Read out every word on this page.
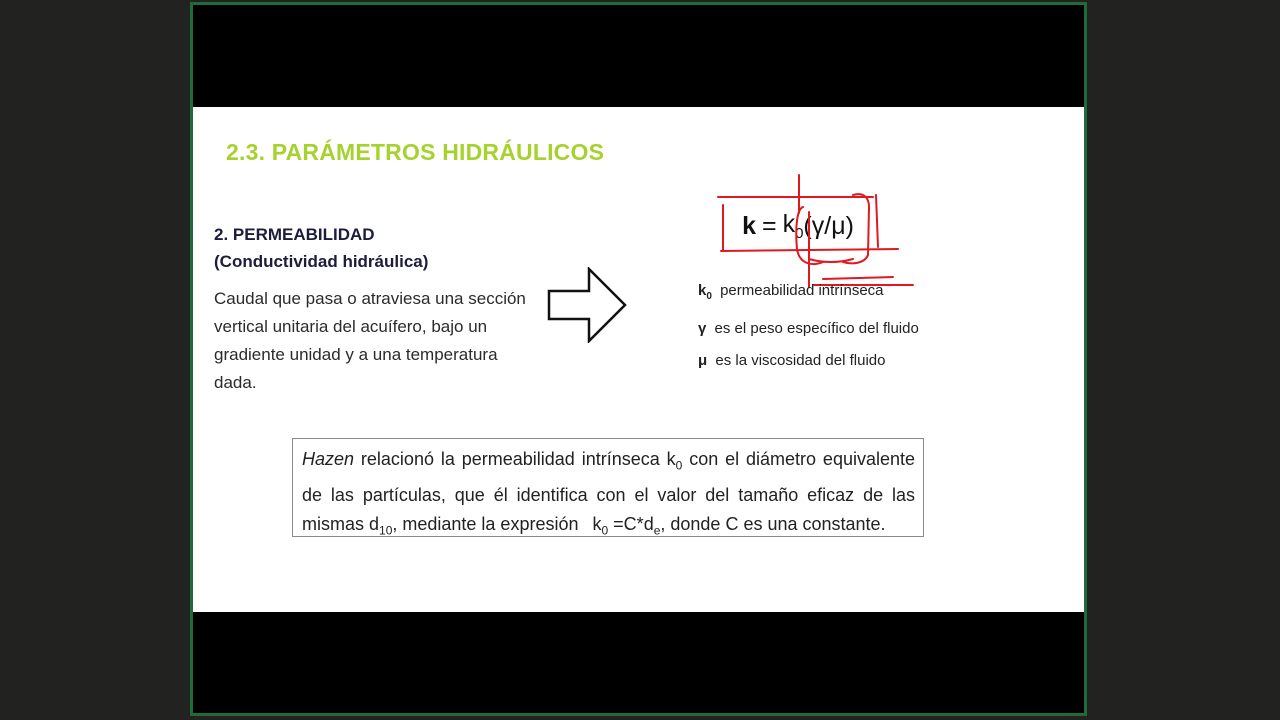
2.3. PARÁMETROS HIDRÁULICOS
2. PERMEABILIDAD
(Conductividad hidráulica)
Caudal que pasa o atraviesa una sección vertical unitaria del acuífero, bajo un gradiente unidad y a una temperatura dada.
$k = k_0$ (γ/μ)
$k_0$ permeabilidad intrínseca
γ es el peso específico del fluido
μ es la viscosidad del fluido
Hazen relacionó la permeabilidad intrínseca $k_0$ con el diámetro equivalente de las partículas, que él identifica con el valor del tamaño eficaz de las mismas $d_{10}$, mediante la expresión $k_0 =C*d_e$, donde C es una constante.
